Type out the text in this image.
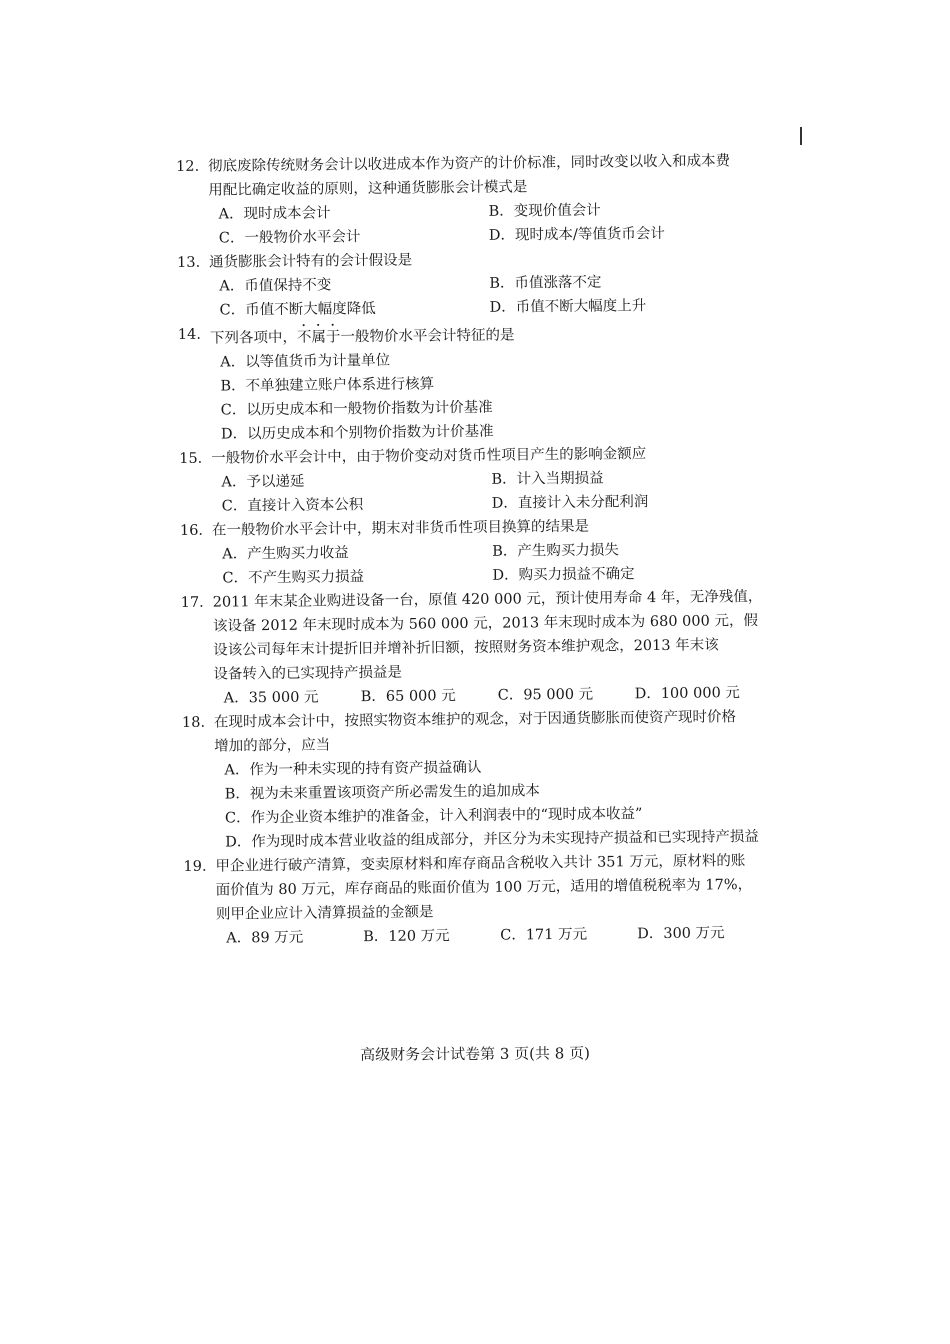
12. 彻底废除传统财务会计以收进成本作为资产的计价标准，同时改变以收入和成本费
用配比确定收益的原则，这种通货膨胀会计模式是
A．现时成本会计	B．变现价值会计
C．一般物价水平会计	D．现时成本/等值货币会计
13. 通货膨胀会计特有的会计假设是
A．币值保持不变	B．币值涨落不定
C．币值不断大幅度降低	D．币值不断大幅度上升
14. 下列各项中，不属于一般物价水平会计特征的是
A．以等值货币为计量单位
B．不单独建立账户体系进行核算
C．以历史成本和一般物价指数为计价基准
D．以历史成本和个别物价指数为计价基准
15. 一般物价水平会计中，由于物价变动对货币性项目产生的影响金额应
A．予以递延	B．计入当期损益
C．直接计入资本公积	D．直接计入未分配利润
16. 在一般物价水平会计中，期末对非货币性项目换算的结果是
A．产生购买力收益	B．产生购买力损失
C．不产生购买力损益	D．购买力损益不确定
17. 2011 年末某企业购进设备一台，原值 420 000 元，预计使用寿命 4 年，无净残值，
该设备 2012 年末现时成本为 560 000 元，2013 年末现时成本为 680 000 元，假
设该公司每年末计提折旧并增补折旧额，按照财务资本维护观念，2013 年末该
设备转入的已实现持产损益是
A．35 000 元	B．65 000 元	C．95 000 元	D．100 000 元
18. 在现时成本会计中，按照实物资本维护的观念，对于因通货膨胀而使资产现时价格
增加的部分，应当
A．作为一种未实现的持有资产损益确认
B．视为未来重置该项资产所必需发生的追加成本
C．作为企业资本维护的准备金，计入利润表中的“现时成本收益”
D．作为现时成本营业收益的组成部分，并区分为未实现持产损益和已实现持产损益
19. 甲企业进行破产清算，变卖原材料和库存商品含税收入共计 351 万元，原材料的账
面价值为 80 万元，库存商品的账面价值为 100 万元，适用的增值税税率为 17%，
则甲企业应计入清算损益的金额是
A．89 万元	B．120 万元	C．171 万元	D．300 万元
高级财务会计试卷第 3 页(共 8 页)
